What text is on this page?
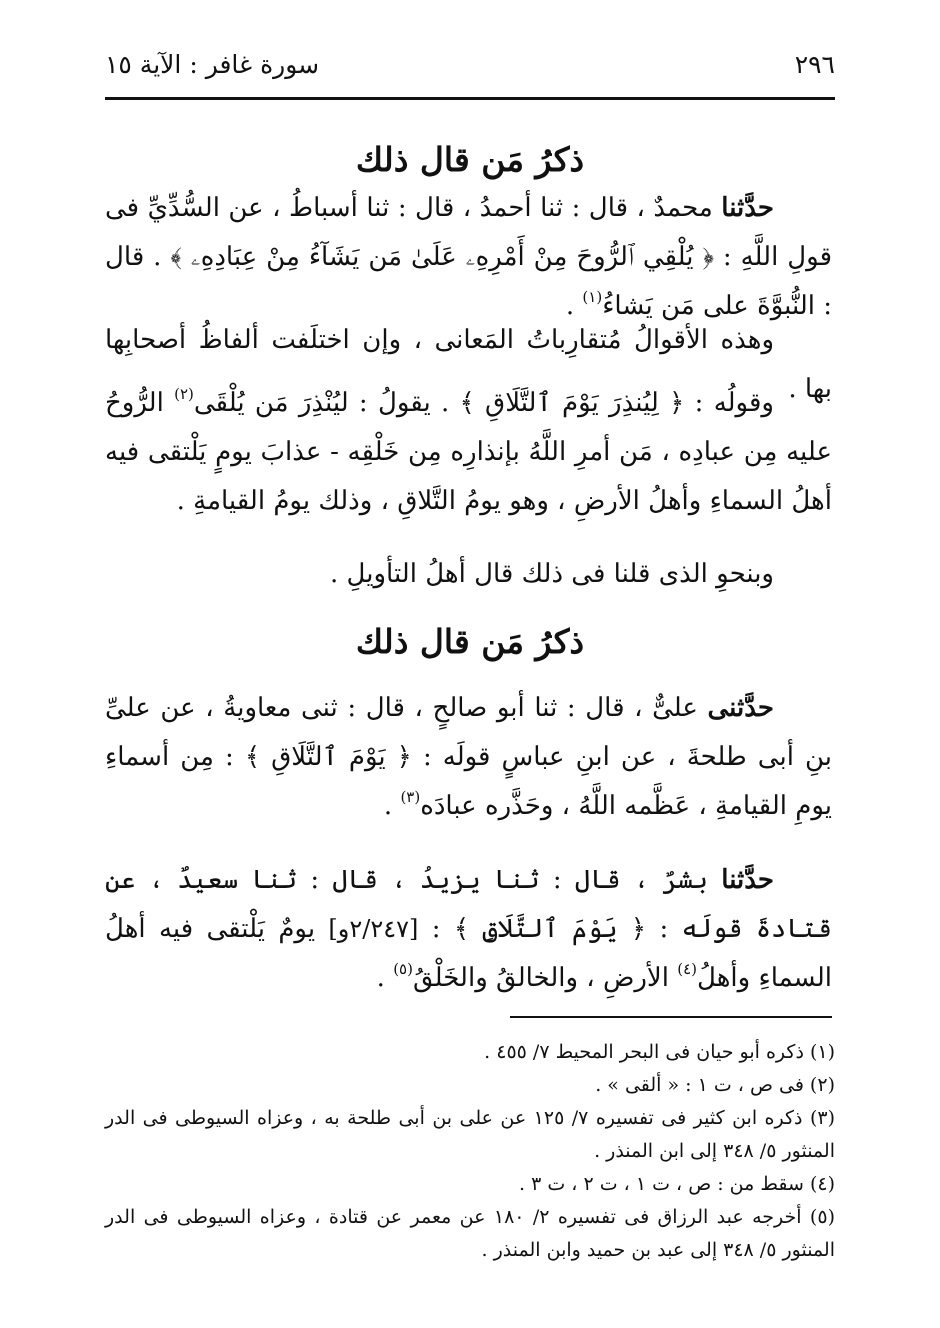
٢٩٦
سورة غافر : الآية ١٥
ذكرُ مَن قال ذلك

حدَّثنا محمدٌ ، قال : ثنا أحمدُ ، قال : ثنا أسباطُ ، عن السُّدِّيِّ فى قولِ اللَّهِ : ﴿ يُلْقِي ٱلرُّوحَ مِنْ أَمْرِهِۦ عَلَىٰ مَن يَشَآءُ مِنْ عِبَادِهِۦ ﴾ . قال : النُّبوَّةَ على مَن يَشاءُ$^{(١)}$ .

وهذه الأقوالُ مُتقارِباتُ المَعانى ، وإن اختلَفت ألفاظُ أصحابِها بها .

وقولُه : ﴿ لِيُنذِرَ يَوْمَ ٱلتَّلَاقِ ﴾ . يقولُ : ليُنْذِرَ مَن يُلْقَى$^{(٢)}$ الرُّوحُ عليه مِن عبادِه ، مَن أمرِ اللَّهُ بإنذارِه مِن خَلْقِه - عذابَ يومٍ يَلْتقى فيه أهلُ السماءِ وأهلُ الأرضِ ، وهو يومُ التَّلاقِ ، وذلك يومُ القيامةِ .

وبنحوِ الذى قلنا فى ذلك قال أهلُ التأويلِ .

ذكرُ مَن قال ذلك

حدَّثنى علىٌّ ، قال : ثنا أبو صالحٍ ، قال : ثنى معاويةُ ، عن علىِّ بنِ أبى طلحةَ ، عن ابنِ عباسٍ قولَه : ﴿ يَوْمَ ٱلتَّلَاقِ ﴾ : مِن أسماءِ يومِ القيامةِ ، عَظَّمه اللَّهُ ، وحَذَّره عبادَه$^{(٣)}$ .

حدَّثنا بشرٌ ، قال : ثنا يزيدُ ، قال : ثنا سعيدٌ ، عن قتادةَ قولَه : ﴿ يَوْمَ ٱلتَّلَاقِ ﴾ : [٢/٢٤٧و] يومٌ يَلْتقى فيه أهلُ السماءِ وأهلُ$^{(٤)}$ الأرضِ ، والخالقُ والخَلْقُ$^{(٥)}$ .

(١) ذكره أبو حيان فى البحر المحيط ٧/ ٤٥٥ .

(٢) فى ص ، ت ١ : « ألقى » .

(٣) ذكره ابن كثير فى تفسيره ٧/ ١٢٥ عن على بن أبى طلحة به ، وعزاه السيوطى فى الدر المنثور ٥/ ٣٤٨ إلى ابن المنذر .

(٤) سقط من : ص ، ت ١ ، ت ٢ ، ت ٣ .

(٥) أخرجه عبد الرزاق فى تفسيره ٢/ ١٨٠ عن معمر عن قتادة ، وعزاه السيوطى فى الدر المنثور ٥/ ٣٤٨ إلى عبد بن حميد وابن المنذر .
